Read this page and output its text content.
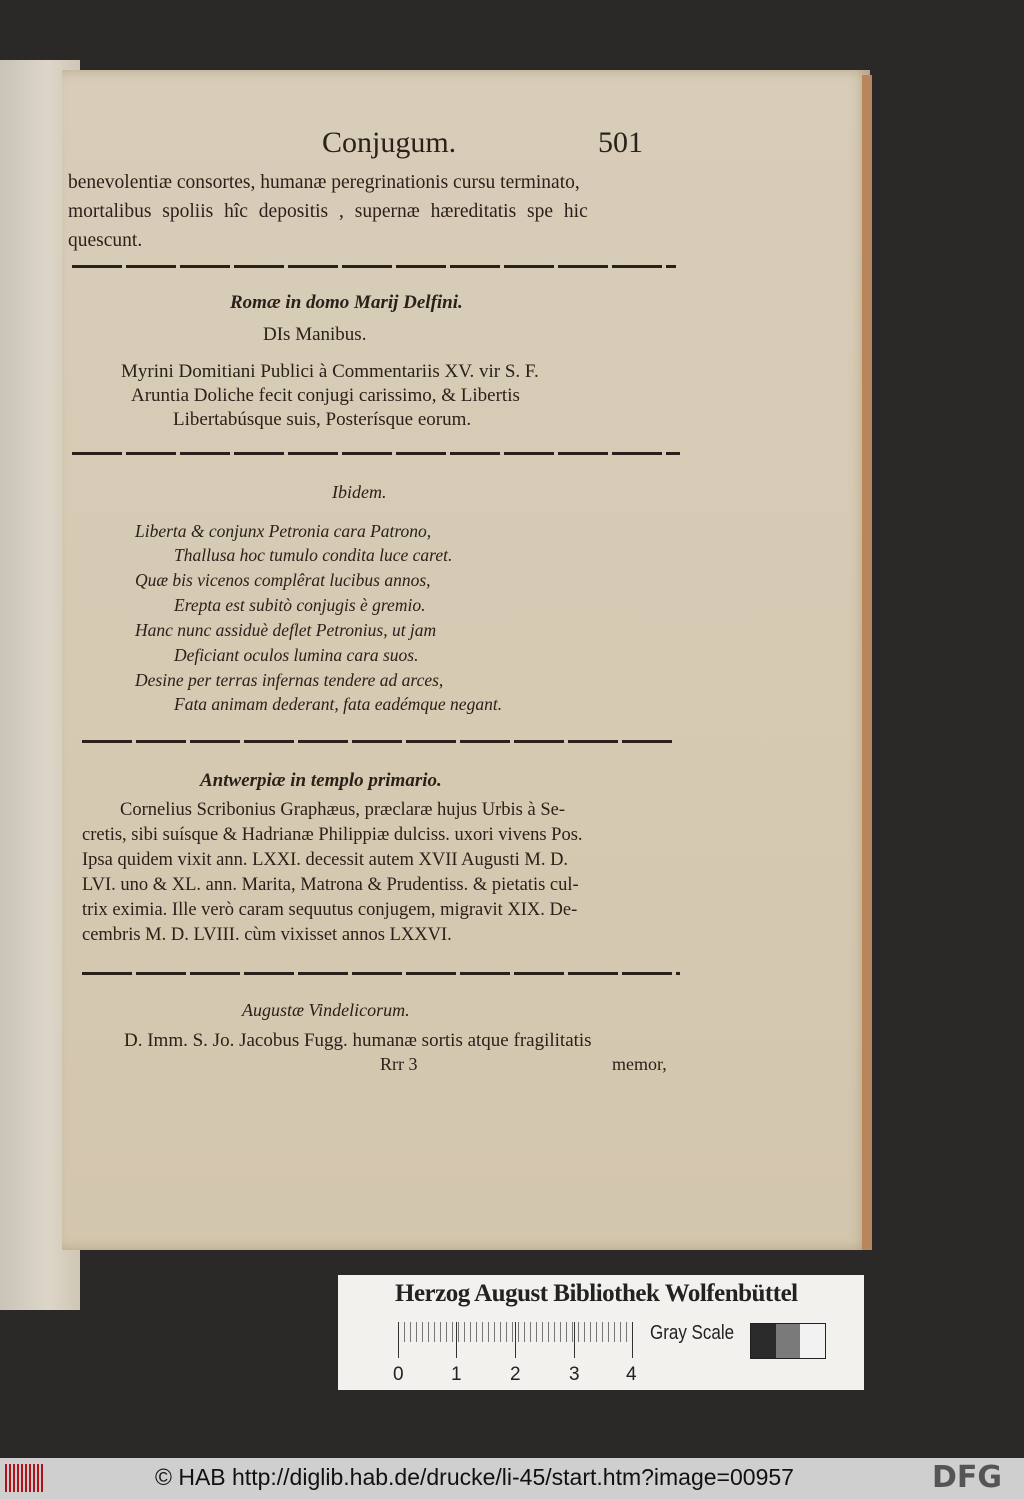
Conjugum.	501
benevolentiæ consortes, humanæ peregrinationis cursu terminato,
mortalibus spoliis hîc depositis , supernæ hæreditatis spe hic
quescunt.
Romæ in domo Marij Delfini.
DIs Manibus.
Myrini Domitiani Publici à Commentariis XV. vir S. F.
Aruntia Doliche fecit conjugi carissimo, & Libertis
Libertabúsque suis, Posterísque eorum.
Ibidem.
Liberta & conjunx Petronia cara Patrono,
Thallusa hoc tumulo condita luce caret.
Quæ bis vicenos complêrat lucibus annos,
Erepta est subitò conjugis è gremio.
Hanc nunc assiduè deflet Petronius, ut jam
Deficiant oculos lumina cara suos.
Desine per terras infernas tendere ad arces,
Fata animam dederant, fata eadémque negant.
Antwerpiæ in templo primario.
Cornelius Scribonius Graphæus, præclaræ hujus Urbis à Se-
cretis, sibi suísque & Hadrianæ Philippiæ dulciss. uxori vivens Pos.
Ipsa quidem vixit ann. LXXI. decessit autem XVII Augusti M. D.
LVI. uno & XL. ann. Marita, Matrona & Prudentiss. & pietatis cul-
trix eximia. Ille verò caram sequutus conjugem, migravit XIX. De-
cembris M. D. LVIII. cùm vixisset annos LXXVI.
Augustæ Vindelicorum.
D. Imm. S. Jo. Jacobus Fugg. humanæ sortis atque fragilitatis
Rrr 3	memor,
Herzog August Bibliothek Wolfenbüttel
0 1	2	3 4
Gray Scale
© HAB http://diglib.hab.de/drucke/li-45/start.htm?image=00957	DFG
